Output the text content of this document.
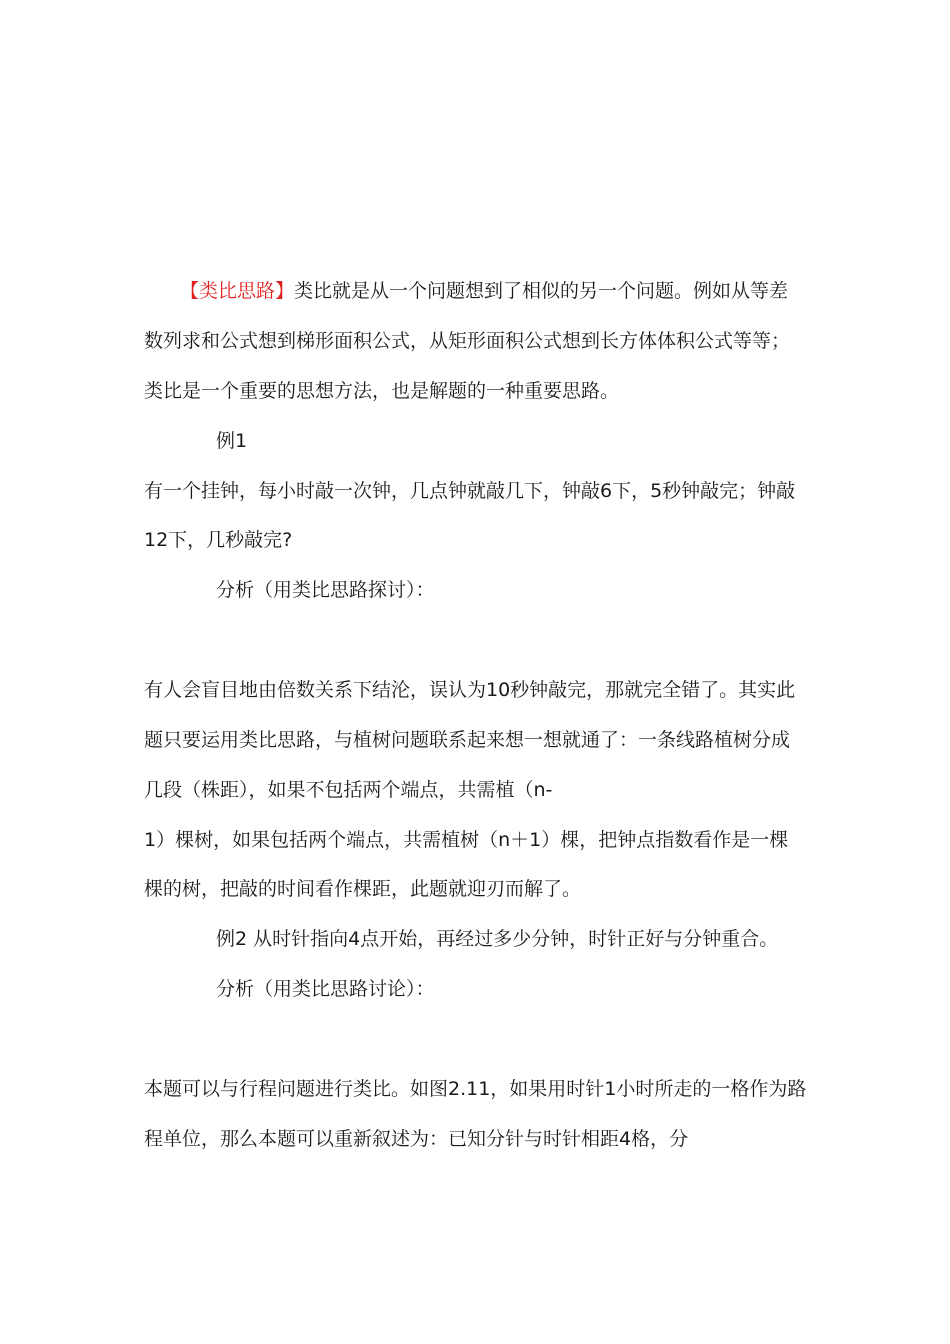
【类比思路】类比就是从一个问题想到了相似的另一个问题。例如从等差
数列求和公式想到梯形面积公式，从矩形面积公式想到长方体体积公式等等；
类比是一个重要的思想方法，也是解题的一种重要思路。
例1
有一个挂钟，每小时敲一次钟，几点钟就敲几下，钟敲6下，5秒钟敲完；钟敲
12下，几秒敲完?
分析（用类比思路探讨）：
有人会盲目地由倍数关系下结沦，误认为10秒钟敲完，那就完全错了。其实此
题只要运用类比思路，与植树问题联系起来想一想就通了：一条线路植树分成
几段（株距），如果不包括两个端点，共需植（n-
1）棵树，如果包括两个端点，共需植树（n＋1）棵，把钟点指数看作是一棵
棵的树，把敲的时间看作棵距，此题就迎刃而解了。
例2 从时针指向4点开始，再经过多少分钟，时针正好与分钟重合。
分析（用类比思路讨论）：
本题可以与行程问题进行类比。如图2.11，如果用时针1小时所走的一格作为路
程单位，那么本题可以重新叙述为：已知分针与时针相距4格，分
